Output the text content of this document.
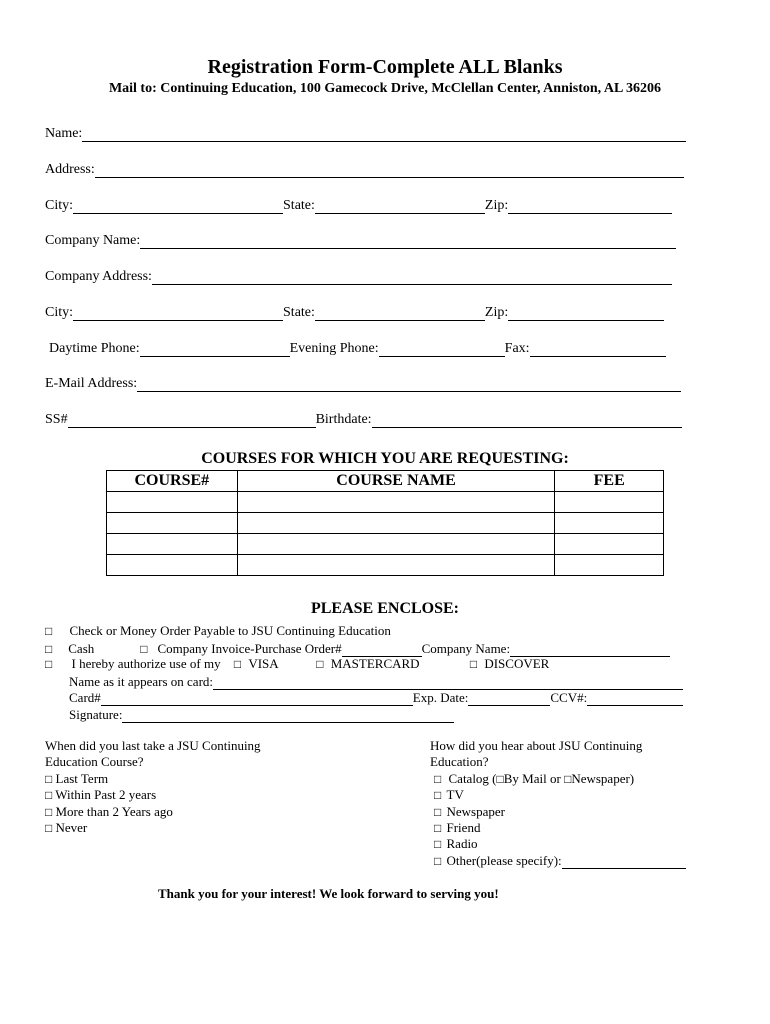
Registration Form-Complete ALL Blanks
Mail to: Continuing Education, 100 Gamecock Drive, McClellan Center, Anniston, AL 36206
Name:
Address:
City:	State:	Zip:
Company Name:
Company Address:
City:	State:	Zip:
Daytime Phone:	Evening Phone:	Fax:
E-Mail Address:
SS#	Birthdate:
COURSES FOR WHICH YOU ARE REQUESTING:
COURSE#	COURSE NAME	FEE

PLEASE ENCLOSE:
□ Check or Money Order Payable to JSU Continuing Education
□ Cash	□ Company Invoice-Purchase Order#	Company Name:
□ I hereby authorize use of my □ VISA	□ MASTERCARD	□ DISCOVER
Name as it appears on card:
Card#	Exp. Date:	CCV#:
Signature:
When did you last take a JSU Continuing
Education Course?
□ Last Term
□ Within Past 2 years
□ More than 2 Years ago
□ Never
How did you hear about JSU Continuing
Education?
□ Catalog (□By Mail or □Newspaper)
□ TV
□ Newspaper
□ Friend
□ Radio
□
Other(please specify):
Thank you for your interest! We look forward to serving you!
